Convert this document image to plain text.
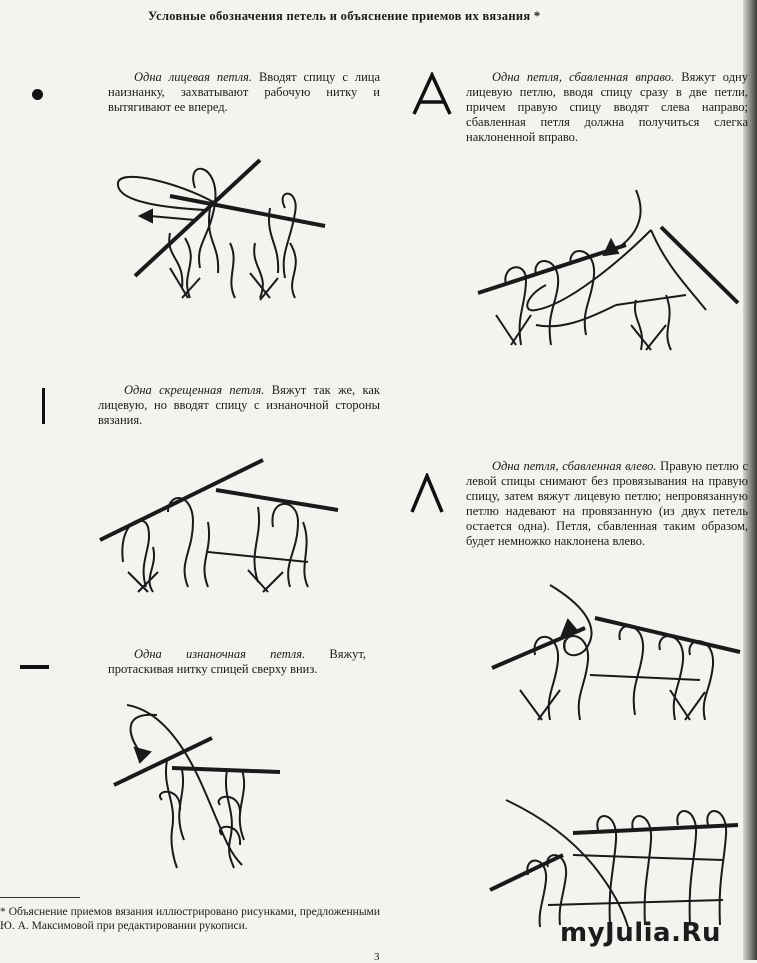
Условные обозначения петель и объяснение приемов их вязания *

Одна лицевая петля. Вводят спицу с лица наизнанку, захватывают рабочую нитку и вытягивают ее вперед.

Одна скрещенная петля. Вяжут так же, как лицевую, но вводят спицу с изнаночной стороны вязания.

Одна изнаночная петля. Вяжут, протаскивая нитку спицей сверху вниз.

Одна петля, сбавленная вправо. Вяжут одну лицевую петлю, вводя спицу сразу в две петли, причем правую спицу вводят слева направо; сбавленная петля должна получиться слегка наклоненной вправо.

Одна петля, сбавленная влево. Правую петлю с левой спицы снимают без провязывания на правую спицу, затем вяжут лицевую петлю; непровязанную петлю надевают на провязанную (из двух петель остается одна). Петля, сбавленная таким образом, будет немножко наклонена влево.

* Объяснение приемов вязания иллюстрировано рисунками, предложенными Ю. А. Максимовой при редактировании рукописи.

3
myJulia.Ru
